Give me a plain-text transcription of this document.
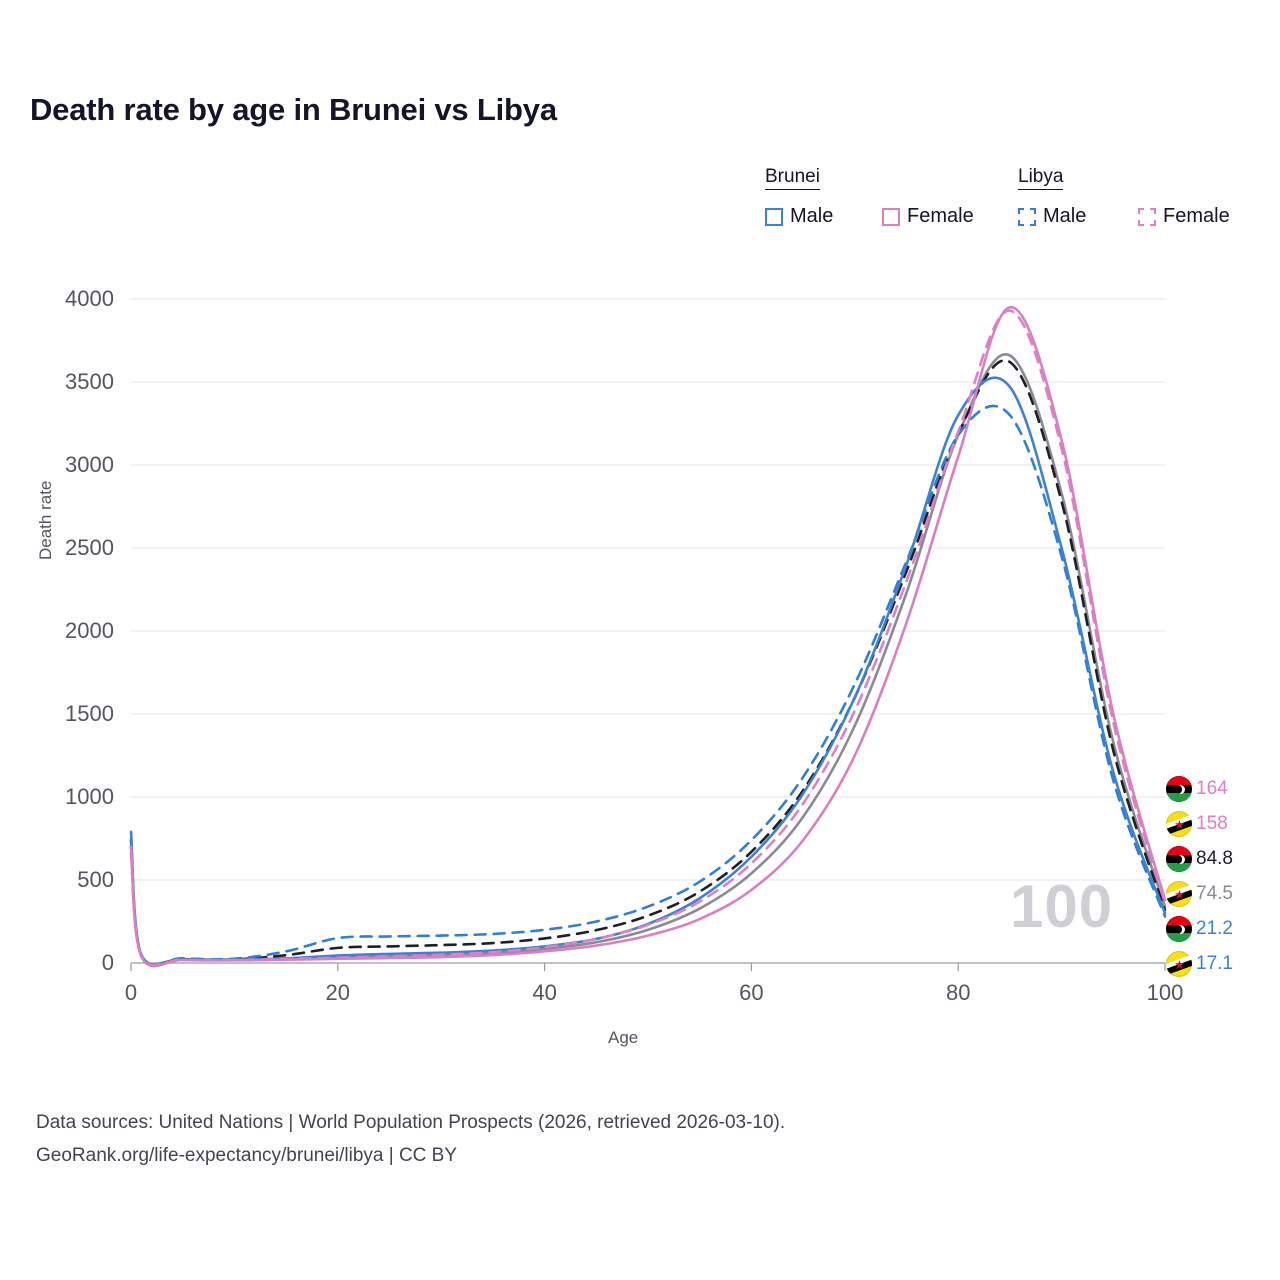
Death rate by age in Brunei vs Libya
Brunei	Libya
Male	Female	Male	Female
0
500
1000
1500
2000
2500
3000
3500
4000
0	20	40	60	80	100
Death rate
Age
100
164
158
84.8
74.5
21.2
17.1
Data sources: United Nations | World Population Prospects (2026, retrieved 2026-03-10).
GeoRank.org/life-expectancy/brunei/libya | CC BY
